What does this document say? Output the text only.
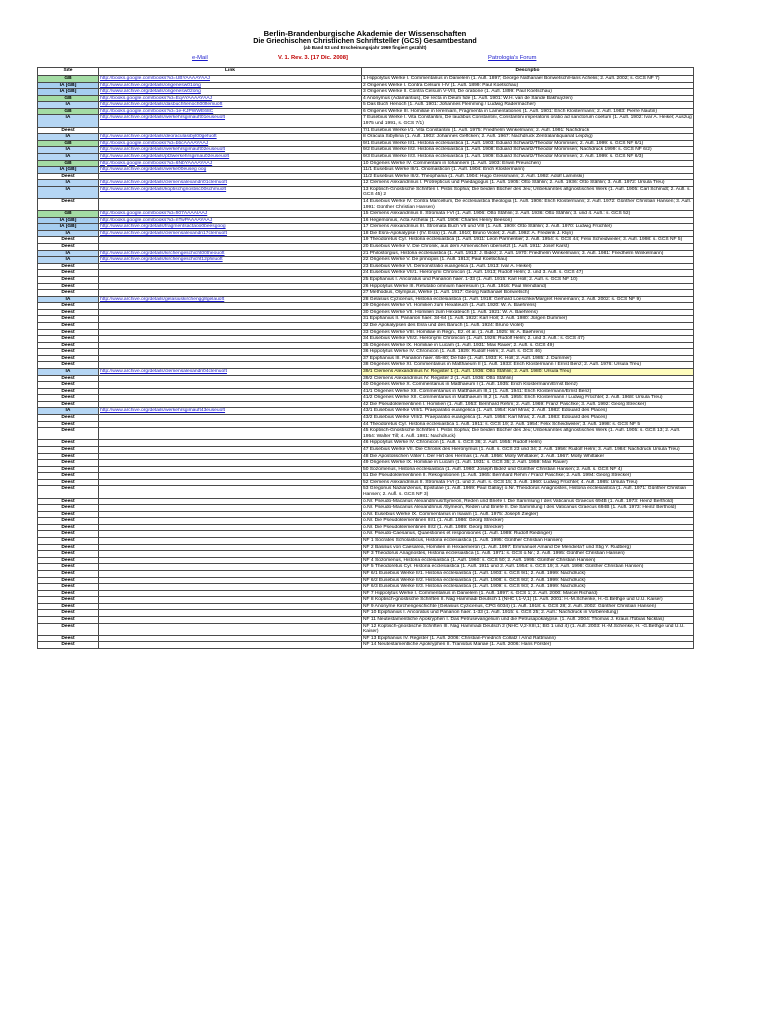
Berlin-Brandenburgische Akademie der Wissenschaften
Die Griechischen Christlichen Schriftsteller (GCS) Gesamtbestand
(ab Band 53 und Erscheinungsjahr 1969 fingiert gezählt)
e-Mail	V. 1. Rev. 3. [17 Dic. 2008]	Patrologia's Forum
Site	Link	Descriptio
GB	http://books.google.com/books?id=UBYAAAAYAAJ	1 Hippolytus Werke I. Commentarius in Danielem (1. Aufl. 1897; George Nathanael Bonwetsch/Hans Achelis; 2. Aufl. 2002; s. GCS NF 7)
IA [GB]	http://www.archive.org/details/origenesw01orig	2 Origenes Werke I. Contra Celsum I-IV (1. Aufl. 1899: Paul Koetschau)
IA [GB]	http://www.archive.org/details/origenesw02orig	3 Origenes Werke II. Contra Celsum V-VIII, De oratione (1. Aufl. 1899: Paul Koetschau)
GB	http://books.google.com/books?id=EqAYAAAAYAAJ	4 Anonymus (Adamantius), De recta in Deum fide (1. Aufl. 1901: W.H. van de Sande Bakhuyzen)
IA	http://www.archive.org/details/dasbuchhenoch00flemuoft	5 Das Buch Henoch (1. Aufl. 1901: Johannes Flemming / Ludwig Radermacher)
GB	http://books.google.com/books?id=1e-KJPWWE68C	6 Origenes Werke III. Homiliae in Ieremiam, Fragmenta in Lamentationes (1. Aufl. 1901: Erich Klostermann; 2. Aufl. 1983: Pierre Nautin)
IA	http://www.archive.org/details/werkehrsgimauft01euseuoft	7 Eusebius Werke I. Vita Constantini, De laudibus Constantini, Constantini imperatoris oratio ad sanctorum coetum (1. Aufl. 1902: Ivar A. Heikel; Auszug 1975 und 1991, s. GCS 7/1)
Deest		7/1 Eusebius Werke I/1. Vita Constantini (1. Aufl. 1975: Friedhelm Winkelmann; 2. Aufl. 1991: Nachdruck
IA	http://www.archive.org/details/deoraculasibyl00gefuoft	8 Oracula Sibyllina (1. Aufl. 1902: Johannes Geffcken; 2. Aufl. 1967: Nachdruck Zentralantiquariat Leipzig)
GB	http://books.google.com/books?id=bbcAAAAYAAJ	9/1 Eusebius Werke II/1. Historia ecclesiastica (1. Aufl. 1903: Eduard Schwartz/Theodor Mommsen; 2. Aufl. 1999: s. GCS NF 6/1)
IA	http://www.archive.org/details/werkehrsgimauft02euseuoft	9/2 Eusebius Werke II/2. Historia ecclesiastica (1. Aufl. 1908: Eduard Schwartz/Theodor Mommsen; Nachdruck 1999: s. GCS NF 6/2)
IA	http://www.archive.org/details/pt3werkehrsgimau02euseuoft	9/3 Eusebius Werke II/3. Historia ecclesiastica (1. Aufl. 1909: Eduard Schwartz/Theodor Mommsen; 2. Aufl. 1999: s. GCS NF 6/3)
GB	http://books.google.com/books?id=6NbYAAAAYAAJ	10 Origenes Werke IV. Commentarii in Iohannem (1. Aufl. 1903: Erwin Preuschen)
IA [GB]	http://www.archive.org/details/werke00euseg oog	11/1 Eusebius Werke III/1. Onomasticon (1. Aufl. 1904: Erich Klostermann)
Deest		11/2 Eusebius Werke III/2. Theophania (1. Aufl. 1904: Hugo Gressmann; 2. Aufl. 1992: Adolf Laminski)
IA	http://www.archive.org/details/clemensalexandri01clemuoft	12 Clemens Alexandrinus I. Protrepticus und Paedagogus (1. Aufl. 1905: Otto Stählin; 2. Aufl. 1936: Otto Stählin; 3. Aufl. 1972: Ursula Treu)
IA	http://www.archive.org/details/koptischgnostisc00schmuoft	13 Koptisch-Gnostische Schriften I. Pistis Sophia; Die beiden Bücher des Jeu; Unbekanntes altgnostisches Werk (1. Aufl. 1905: Carl Schmidt; 2. Aufl. s. GCS 45) 2
Deest		14 Eusebius Werke IV. Contra Marcellum, De ecclesiastica theologia (1. Aufl. 1906: Erich Klostermann; 2. Aufl. 1972: Günther Christian Hansen; 3. Aufl. 1991: Günther Christian Hansen)
GB	http://books.google.com/books?id=fI07AAAAIAAJ	15 Clemens Alexandrinus II. Stromata I-VI (1. Aufl. 1906: Otto Stählin; 2. Aufl. 1936: Otto Stählin; 3. und 4. Aufl.: s. GCS 52)
IA [GB]	http://books.google.com/books?id=nTwPAAAAYAAJ	16 Hegemonius, Acta Archelai (1. Aufl. 1906: Charles Henry Beeson)
IA [GB]	http://www.archive.org/details/fragmentsactaoo0beesgoog	17 Clemens Alexandrinus III. Stromata Buch VII und VIII (1. Aufl. 1909: Otto Stählin; 2. Aufl. 1970: Ludwig Früchtel)
IA	http://www.archive.org/details/clemensalexandri17clemuoft	18 Die Esra-Apokalypse I (IV. Esra) (1. Aufl. 1910; Bruno Violet; 2. Aufl. 1992: A. Frederik J. Klijn)
Deest		19 Theodoretus Cyr. Historia ecclesiastica (1. Aufl. 1911: Leon Parmentier; 2. Aufl. 1954: s. GCS 44; Felix Scheidweiler; 3. Aufl. 1998: s. GCS NF 5)
Deest		20 Eusebius Werke V. Die Chronik, aus dem Armenischen übersetzt (1. Aufl. 1911: Josef Karst)
IA	http://www.archive.org/details/kirchengeschicht00theouoft	21 Philostorgius, Historia ecclesiastica (1. Aufl. 1913: J. Bidez; 2. Aufl. 1970: Friedhelm Winkelmann; 3. Aufl. 1981: Friedhelm Winkelmann)
IA	http://www.archive.org/details/kirchengeschicht12philuoft	22 Origenes Werke V. De principiis (1. Aufl. 1913; Paul Koetschau)
Deest		23 Eusebius Werke VI. Demonstratio euangelica (1. Aufl. 1913: Ivar A. Heikel)
Deest		24 Eusebius Werke VII/1. Hieronymi Chronicon (1. Aufl. 1913; Rudolf Helm; 2. und 3. Aufl. s. GCS 47)
Deest		25 Epiphanius I. Ancoratus und Panarion haer. 1-33 (1. Aufl. 1915: Karl Holl; 2. Aufl. s. GCS NF 10)
Deest		26 Hippolytus Werke III. Refutatio omnium haeresium (1. Aufl. 1916: Paul Wendland)
Deest		27 Methodius, Olympius, Werke (1. Aufl. 1917: Georg Nathanael Bonwetsch)
IA	http://www.archive.org/details/gelasiuskirchengg8gelauoft	28 Gelasius Cyzicenus, Historia ecclesiastica (1. Aufl. 1918: Gerhard Loeschke/Margret Heinemann; 2. Aufl. 2002: s. GCS NF 9)
Deest		29 Origenes Werke VI. Homilien zum Hexateuch (1. Aufl. 1920: W. A. Baehrens)
Deest		30 Origenes Werke VII. Homilien zum Hexateuch (1. Aufl. 1921: W. A. Baehrens)
Deest		31 Epiphanius II. Panarion haer. 34-64 (1. Aufl. 1922: Karl Holl; 2. Aufl. 1980: Jürgen Dummer)
Deest		32 Die Apokalypsen des Esra und des Baruch (1. Aufl. 1924: Bruno Violet)
Deest		33 Origenes Werke VIII. Homiliae in Regn., Ez. et al. (1. Aufl. 1925: W. A. Baehrens)
Deest		34 Eusebius Werke VII/2. Hieronymi Chronicon (1. Aufl. 1926: Rudolf Helm; 2. und 3. Aufl.: s. GCS 47)
Deest		35 Origenes Werke IX. Homiliae in Lucam (1. Aufl. 1931: Max Rauer; 2. Aufl. s. GCS 49)
Deest		36 Hippolytus Werke IV. Chronicon (1. Aufl. 1929: Rudolf Helm; 2. Aufl. s. GCS 46)
Deest		37 Epiphanius III. Panarion haer. 65-80; De fide (1. Aufl. 1933: K. Holl; 2. Aufl. 1985: J. Dummer)
Deest		38 Origenes Werke XI. Commentarius in Matthaeum II (1. Aufl. 1933: Erich Klostermann / Ernst Benz; 2. Aufl. 1976: Ursula Treu)
IA	http://www.archive.org/details/clemensalexandri04clemuoft	39/1 Clemens Alexandrinus IV. Register 1 (1. Aufl. 1936: Otto Stählin; 2. Aufl. 1980: Ursula Treu)
Deest		39/2 Clemens Alexandrinus IV. Register 2 (1. Aufl. 1936: Otto Stählin)
Deest		40 Origenes Werke X. Commentarius in Matthaeum I (1. Aufl. 1935: Erich Klostermann/Ernst Benz)
Deest		41/1 Origenes Werke XII. Commentarius in Matthaeum III,1 (1. Aufl. 1941: Erich Klostermann/Ernst Benz)
Deest		41/2 Origenes Werke XII. Commentarius in Matthaeum III,2 (1. Aufl. 1955: Erich Klostermann / Ludwig Früchtel; 2. Aufl. 1968: Ursula Treu)
Deest		42 Die Pseudoklementinen I. Homilien (1. Aufl. 1953: Bernhard Rehm; 2. Aufl. 1969: Franz Paschke; 3. Aufl. 1992: Georg Strecker)
IA	http://www.archive.org/details/werkehrsgimauft43euseuoft	43/1 Eusebius Werke VIII/1. Praeparatio euangelica (1. Aufl. 1954: Karl Mras; 2. Aufl. 1982: Édouard des Places)
Deest		43/2 Eusebius Werke VIII/2. Praeparatio euangelica (1. Aufl. 1956: Karl Mras; 2. Aufl. 1983: Édouard des Places)
Deest		44 Theodoretus Cyr. Historia ecclesiastica 1. Aufl. 1911: s. GCS 19; 2. Aufl. 1954: Felix Scheidweiler; 3. Aufl. 1998: s. GCS NF 5
Deest		45 Koptisch-Gnostische Schriften I. Pistis Sophia; Die beiden Bücher des Jeu; Unbekanntes altgnostisches Werk (1. Aufl. 1905: s. GCS 13; 2. Aufl. 1954: Walter Till; 4. Aufl. 1981: Nachdruck)
Deest		46 Hippolytus Werke IV. Chronicon (1. Aufl. s. GCS 36; 2. Aufl. 1955: Rudolf Helm)
Deest		47 Eusebius Werke VII. Die Chronik des Hieronymus (1. Aufl. s. GCS 23 und 34; 2. Aufl. 1956: Rudolf Helm; 3. Aufl. 1984: Nachdruck Ursula Treu)
Deest		48 Die Apostolischen Väter I. Der Hirt des Hermas (1. Aufl. 1956: Molly Whittaker; 2. Aufl. 1967: Molly Whittaker
Deest		49 Origenes Werke IX. Homiliae in Lucam (1. Aufl. 1931: s. GCS 35; 2. Aufl. 1959: Max Rauer)
Deest		50 Sozomenus, Historia ecclesiastica (1. Aufl. 1960: Joseph Bidez und Günther Christian Hansen; 2. Aufl. s. GCS NF 4)
Deest		51 Die Pseudoklementinen II. Rekognitionen (1. Aufl. 1965: Bernhard Rehm / Franz Paschke; 2. Aufl. 1994: Georg Strecker)
Deest		52 Clemens Alexandrinus II. Stromata I-VI (1. und 2. Aufl. s. GCS 15; 3. Aufl. 1960: Ludwig Früchtel; 4. Aufl. 1985: Ursula Treu)
Deest		53 Gregorius Nazianzenus, Epistulae (1. Aufl. 1969: Paul Gallay) o.Nr. Theodorus Anagnostes, Historia ecclesiastica (1. Aufl. 1971: Günther Christian Hansen; 2. Aufl. s. GCS NF 3)
Deest		o.Nr. Pseudo-Macarius Alexandrinus/Symeon, Reden und Briefe I. Die Sammlung I des Vaticanus Graecus 694B (1. Aufl. 1973: Heinz Berthold)
Deest		o.Nr. Pseudo-Macarius Alexandrinus /Symeon, Reden und Briefe II. Die Sammlung I des Vaticanus Graecus 694B (1. Aufl. 1973: Heinz Berthold)
Deest		o.Nr. Eusebius Werke IX. Commentarius in Isaiam (1. Aufl. 1975: Joseph Ziegler)
Deest		o.Nr. Die Pseudoklementinen III/1 (1. Aufl. 1986: Georg Strecker)
Deest		o.Nr. Die Pseudoklementinen III/2 (1. Aufl. 1989: Georg Strecker)
Deest		o.Nr. Pseudo-Caesarius, Quaestiones et responsiones (1. Aufl. 1989: Rudolf Riedinger)
Deest		NF 1 Socrates Scholasticus, Historia ecclesiastica (1. Aufl. 1995: Günther Christian Hansen)
Deest		NF 2 Basilius von Caesarea, Homilien in Hexaemeron (1. Aufl. 1997: Emmanuel Amand De Mendieta† und Stig Y. Rudberg)
Deest		NF 3 Theodorus Anagnostes, Historia ecclesiastica (1. Aufl. 1971: s. GCS o.Nr.; 2. Aufl. 1995: Günther Christian Hansen)
Deest		NF 4 Sozomenus, Historia ecclesiastica (1. Aufl. 1960: s. GCS 50; 2. Aufl. 1995: Günther Christian Hansen)
Deest		NF 5 Theodoretus Cyr. Historia ecclesiastica (1. Aufl. 1911 und 2. Aufl. 1954: s. GCS 19; 3. Aufl. 1998: Günther Christian Hansen)
Deest		NF 6/1 Eusebius Werke II/1. Historia ecclesiastica (1. Aufl. 1903: s. GCS 9/1; 2. Aufl. 1999: Nachdruck)
Deest		NF 6/2 Eusebius Werke II/2. Historia ecclesiastica (1. Aufl. 1908: s. GCS 9/2; 2. Aufl. 1999: Nachdruck)
Deest		NF 6/3 Eusebius Werke II/3. Historia ecclesiastica (1. Aufl. 1909: s. GCS 9/3; 2. Aufl. 1999: Nachdruck)
Deest		NF 7 Hippolytus Werke I. Commentarius in Danielem (1. Aufl. 1897: s. GCS 1; 2. Aufl. 2000: Marcel Richard)
Deest		NF 8 Koptisch-gnostische Schriften II. Nag Hammadi Deutsch 1 (NHC I,1-V,1) (1. Aufl. 2001: H.-M.Schenke, H.-G.Bethge und U.U. Kaiser)
Deest		NF 9 Anonyme Kirchengeschichte (Gelasius Cyzicenus, CPG 6034) (1. Aufl. 1918: s. GCS 28; 2. Aufl. 2002: Günther Christian Hansen)
Deest		NF 10 Epiphanius I. Ancoratus und Panarion haer. 1-33 (1. Aufl. 1915: s. GCS 25; 2. Aufl.: Nachdruck in Vorbereitung)
Deest		NF 11 Neutestamentliche Apokryphen I. Das Petrusevangelium und die Petrusapokalypse. (1. Aufl. 2004: Thomas J. Kraus /Tobias Nicklas)
Deest		NF 12 Koptisch-gnostische Schriften III. Nag Hammadi Deutsch 2 (NHC V,2-XIII,1; BG 1 und 4) (1. Aufl. 2003: H.-M.Schenke, H. -G.Bethge und U.U. Kaiser)
Deest		NF 13 Epiphanius IV. Register (1. Aufl. 2006: Christian-Friedrich Collatz / Arnd Rattmann)
Deest		NF 14 Neutestamentliche Apokryphen II. Transitus Mariae (1. Aufl. 2006: Hans Förster)
